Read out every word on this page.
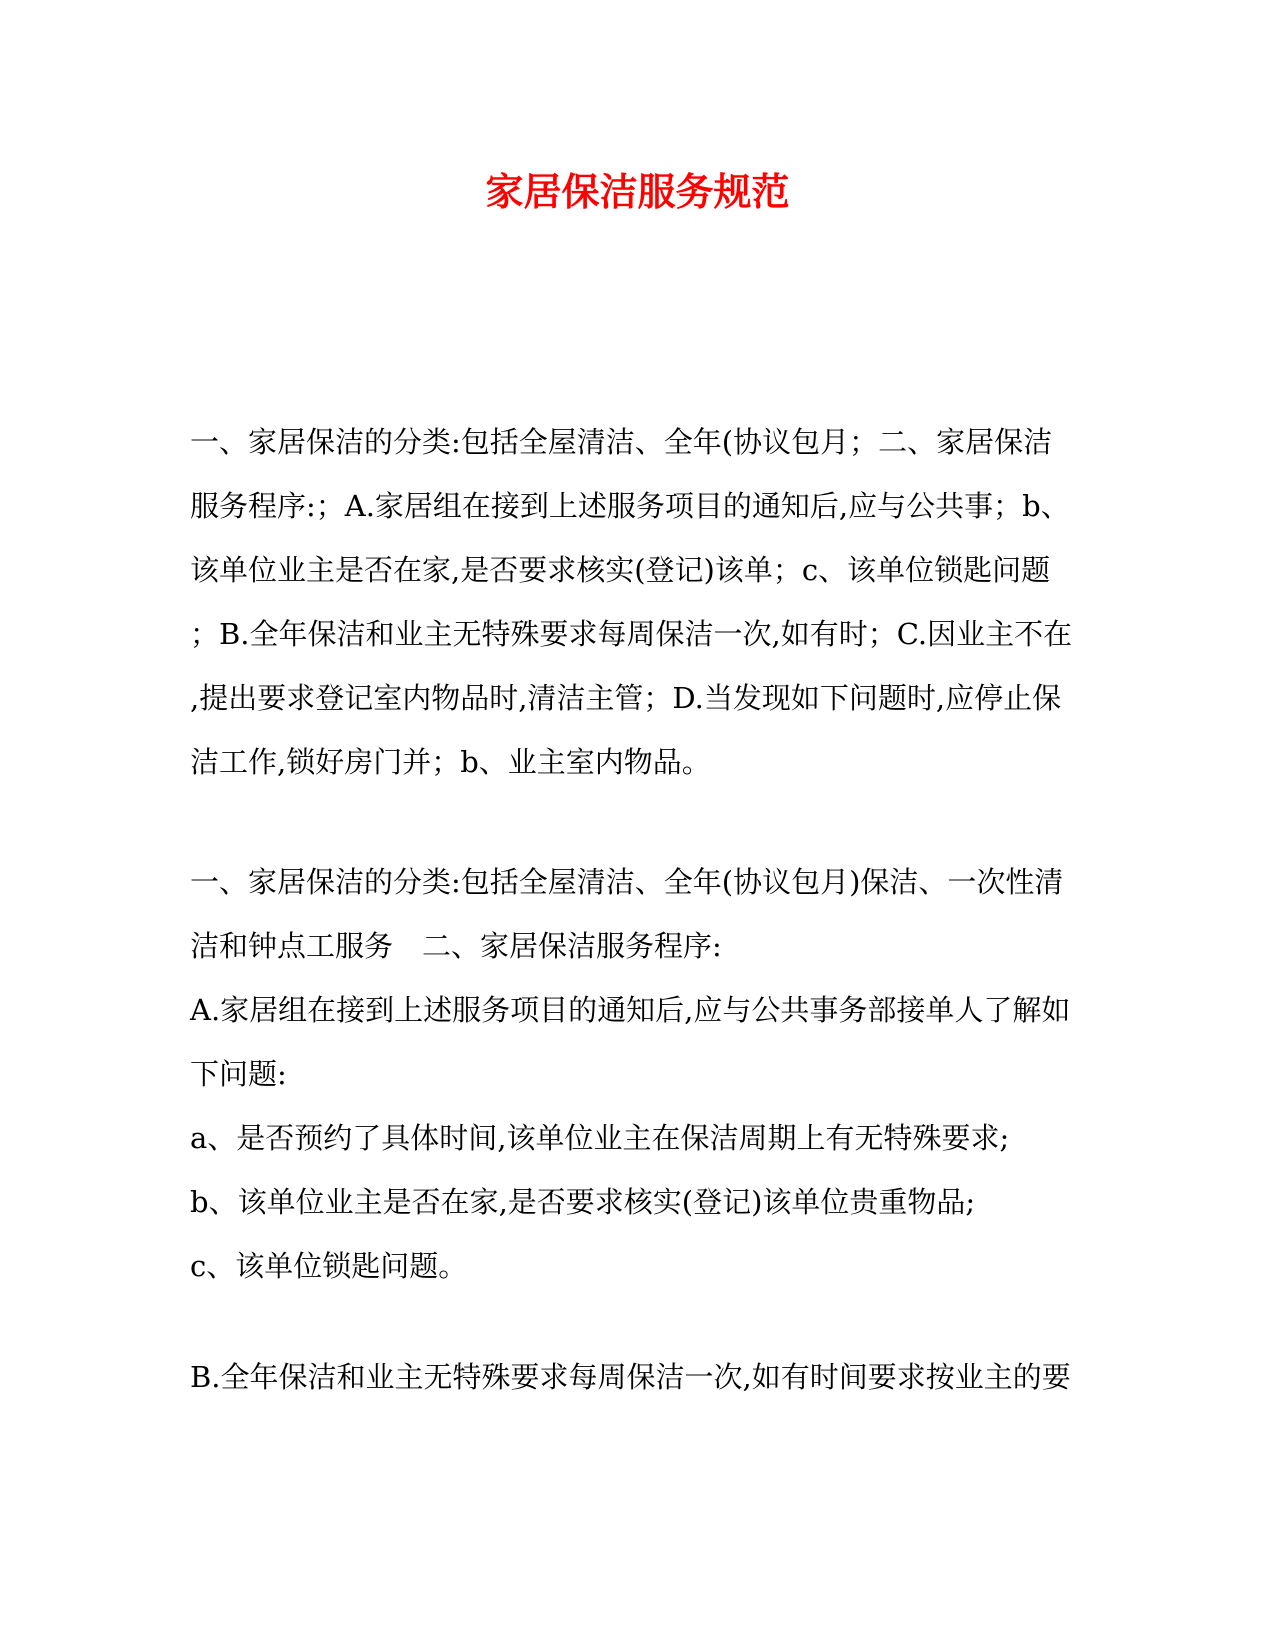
家居保洁服务规范
一、家居保洁的分类:包括全屋清洁、全年(协议包月；二、家居保洁
服务程序:；A.家居组在接到上述服务项目的通知后,应与公共事；b、
该单位业主是否在家,是否要求核实(登记)该单；c、该单位锁匙问题
；B.全年保洁和业主无特殊要求每周保洁一次,如有时；C.因业主不在
,提出要求登记室内物品时,清洁主管；D.当发现如下问题时,应停止保
洁工作,锁好房门并；b、业主室内物品。
一、家居保洁的分类:包括全屋清洁、全年(协议包月)保洁、一次性清
洁和钟点工服务　二、家居保洁服务程序:
A.家居组在接到上述服务项目的通知后,应与公共事务部接单人了解如
下问题:
a、是否预约了具体时间,该单位业主在保洁周期上有无特殊要求;
b、该单位业主是否在家,是否要求核实(登记)该单位贵重物品;
c、该单位锁匙问题。
B.全年保洁和业主无特殊要求每周保洁一次,如有时间要求按业主的要
